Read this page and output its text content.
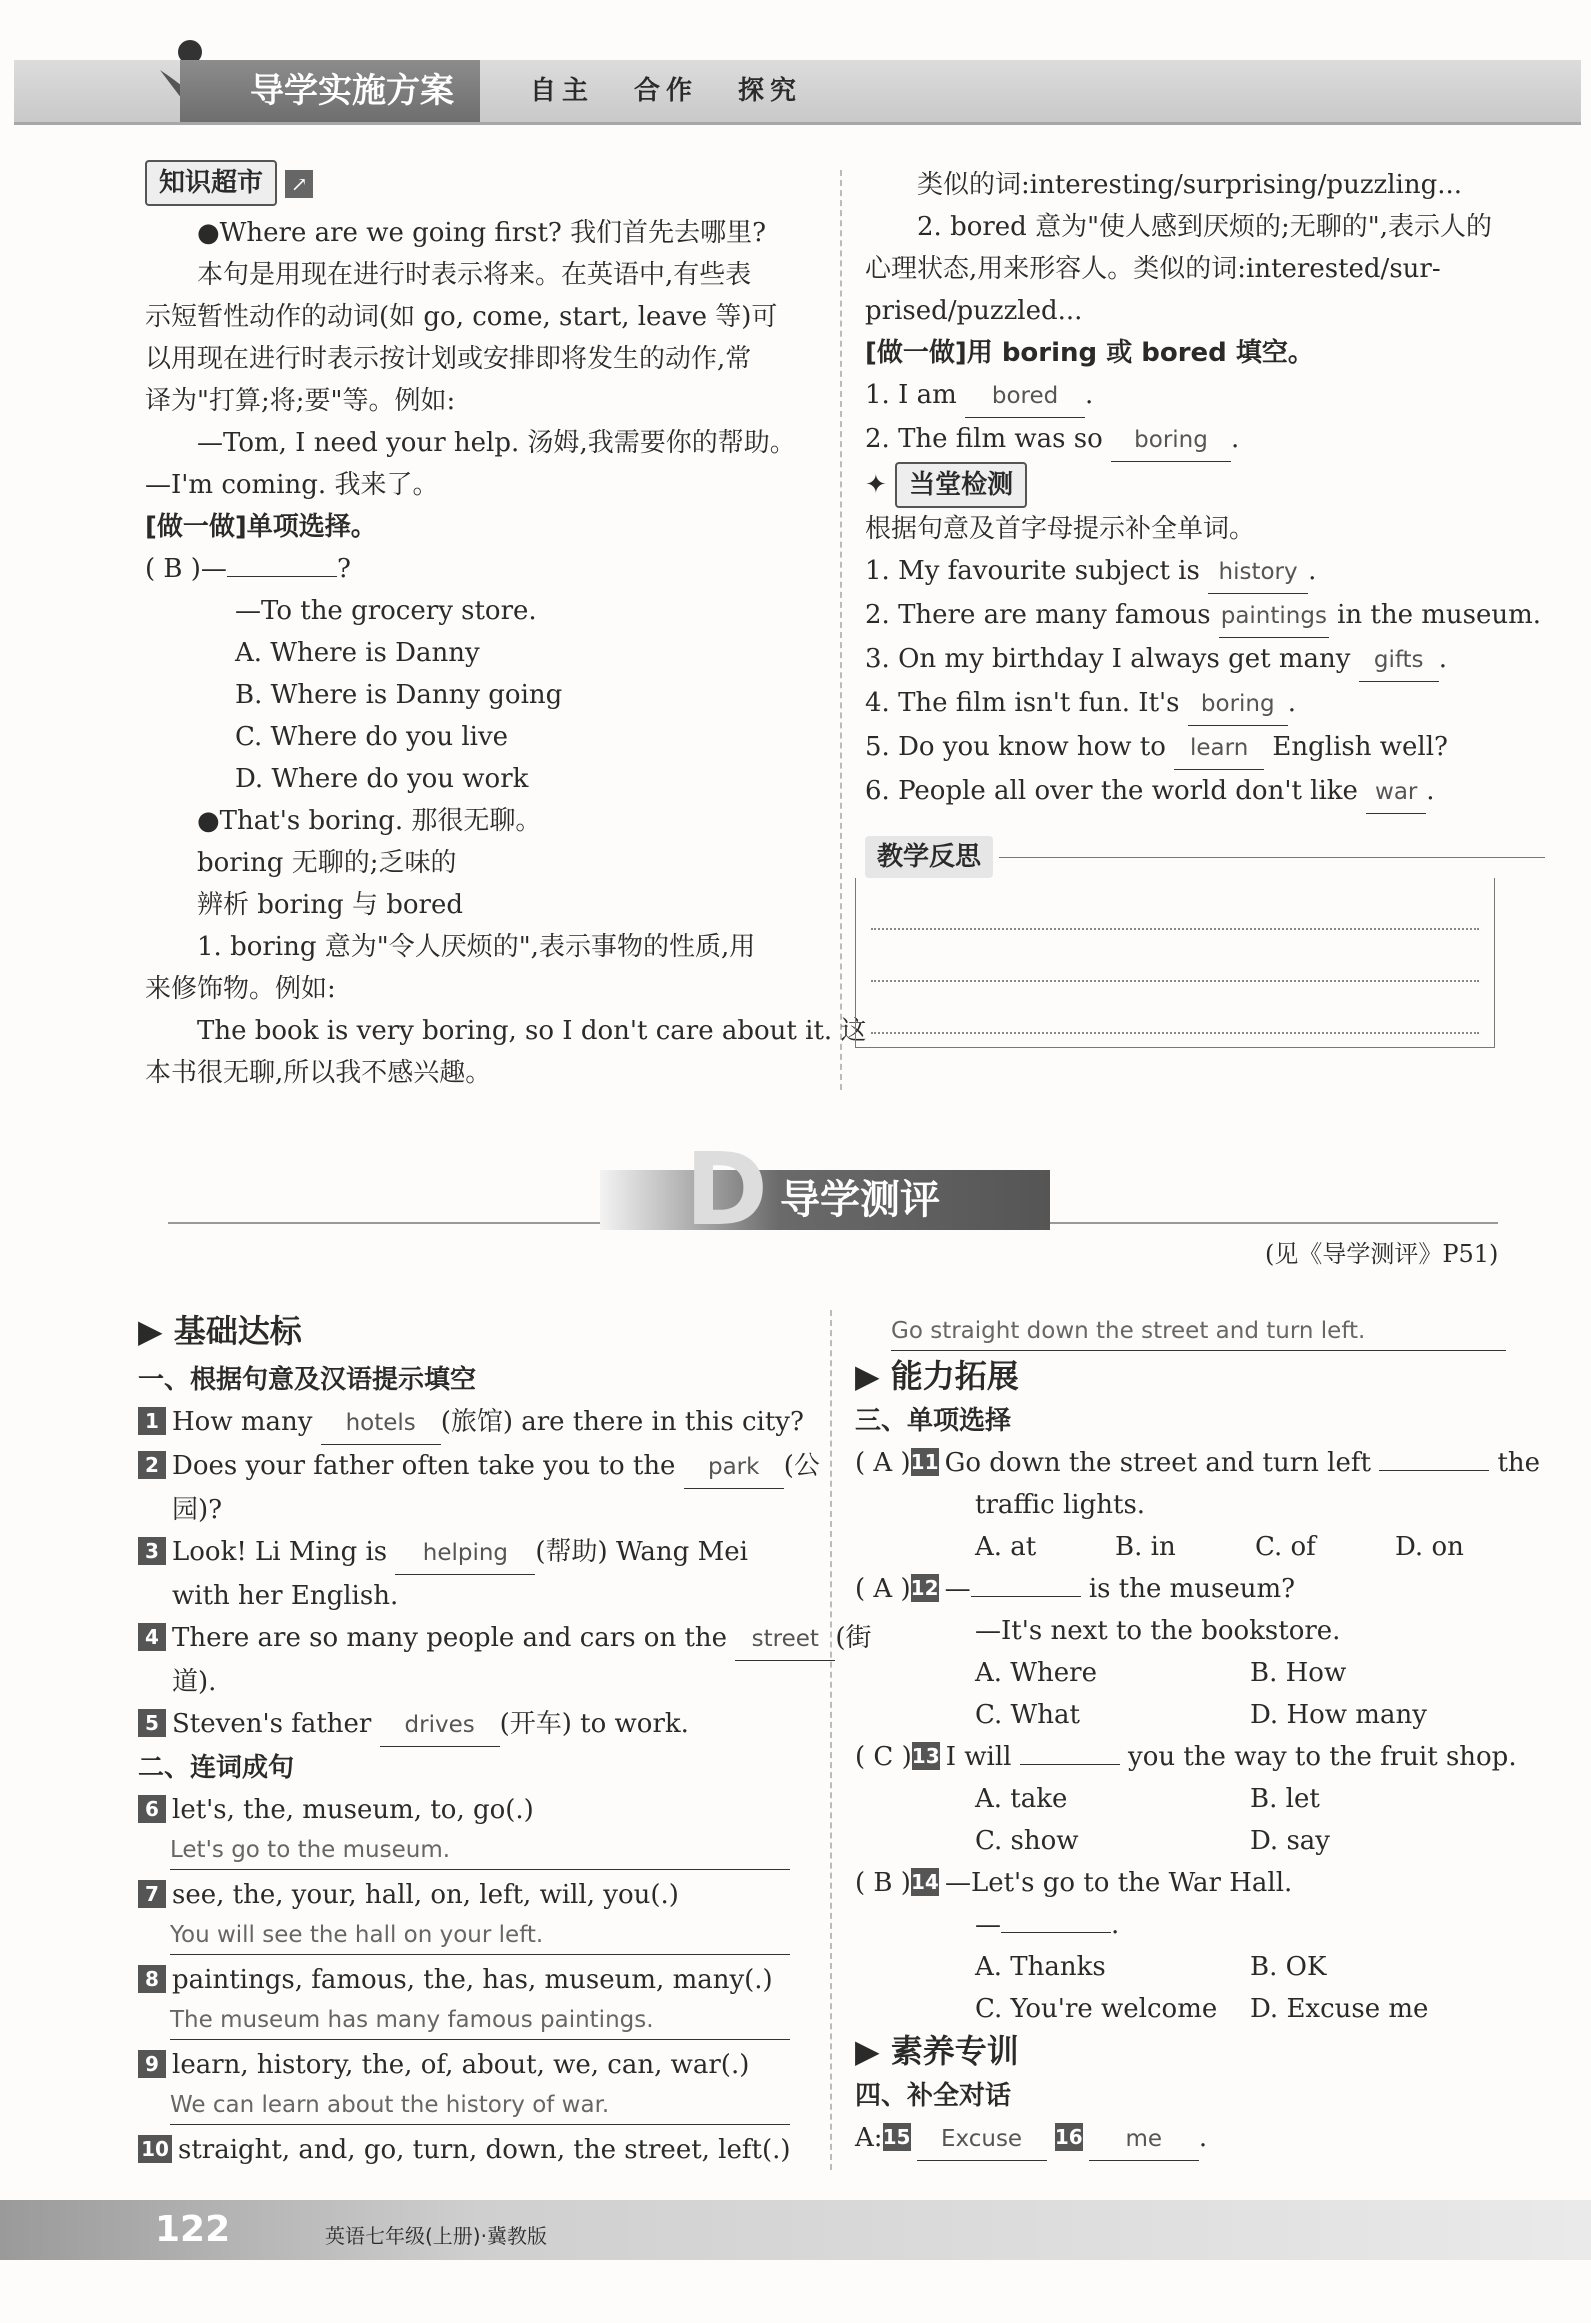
导学实施方案	自主 合作 探究
知识超市 ↗

●Where are we going first? 我们首先去哪里?

本句是用现在进行时表示将来。在英语中,有些表

示短暂性动作的动词(如 go, come, start, leave 等)可

以用现在进行时表示按计划或安排即将发生的动作,常

译为"打算;将;要"等。例如:

—Tom, I need your help. 汤姆,我需要你的帮助。

—I'm coming. 我来了。

[做一做]单项选择。

( B )—	?

—To the grocery store.

A. Where is Danny

B. Where is Danny going

C. Where do you live

D. Where do you work

●That's boring. 那很无聊。

boring 无聊的;乏味的

辨析 boring 与 bored

1. boring 意为"令人厌烦的",表示事物的性质,用

来修饰物。例如:

The book is very boring, so I don't care about it. 这

本书很无聊,所以我不感兴趣。

类似的词:interesting/surprising/puzzling...

2. bored 意为"使人感到厌烦的;无聊的",表示人的

心理状态,用来形容人。类似的词:interested/sur-

prised/puzzled...

[做一做]用 boring 或 bored 填空。

1. I am bored .

2. The film was so boring .

✦ 当堂检测

根据句意及首字母提示补全单词。

1. My favourite subject is history .

2. There are many famous paintings in the museum.

3. On my birthday I always get many gifts .

4. The film isn't fun. It's boring .

5. Do you know how to learn English well?

6. People all over the world don't like war .

教学反思
D 导学测评
(见《导学测评》P51)

▶ 基础达标

一、根据句意及汉语提示填空

1 How many hotels (旅馆) are there in this city?

2 Does your father often take you to the park (公

园)?

3 Look! Li Ming is helping (帮助) Wang Mei

with her English.

4 There are so many people and cars on the street (街

道).

5 Steven's father drives (开车) to work.

二、连词成句

6 let's, the, museum, to, go(.)

Let's go to the museum.

7 see, the, your, hall, on, left, will, you(.)

You will see the hall on your left.

8 paintings, famous, the, has, museum, many(.)

The museum has many famous paintings.

9 learn, history, the, of, about, we, can, war(.)

We can learn about the history of war.

10 straight, and, go, turn, down, the street, left(.)

Go straight down the street and turn left.

▶ 能力拓展

三、单项选择

( A )11 Go down the street and turn left	the

traffic lights.

A. at	B. in	C. of	D. on

( A )12 —	is the museum?

—It's next to the bookstore.

A. Where	B. How

C. What	D. How many

( C )13 I will	you the way to the fruit shop.

A. take	B. let

C. show	D. say

( B )14 —Let's go to the War Hall.

—	.

A. Thanks	B. OK

C. You're welcome D. Excuse me

▶ 素养专训

四、补全对话

A:15 Excuse 16 me .

122	英语七年级(上册)·冀教版
